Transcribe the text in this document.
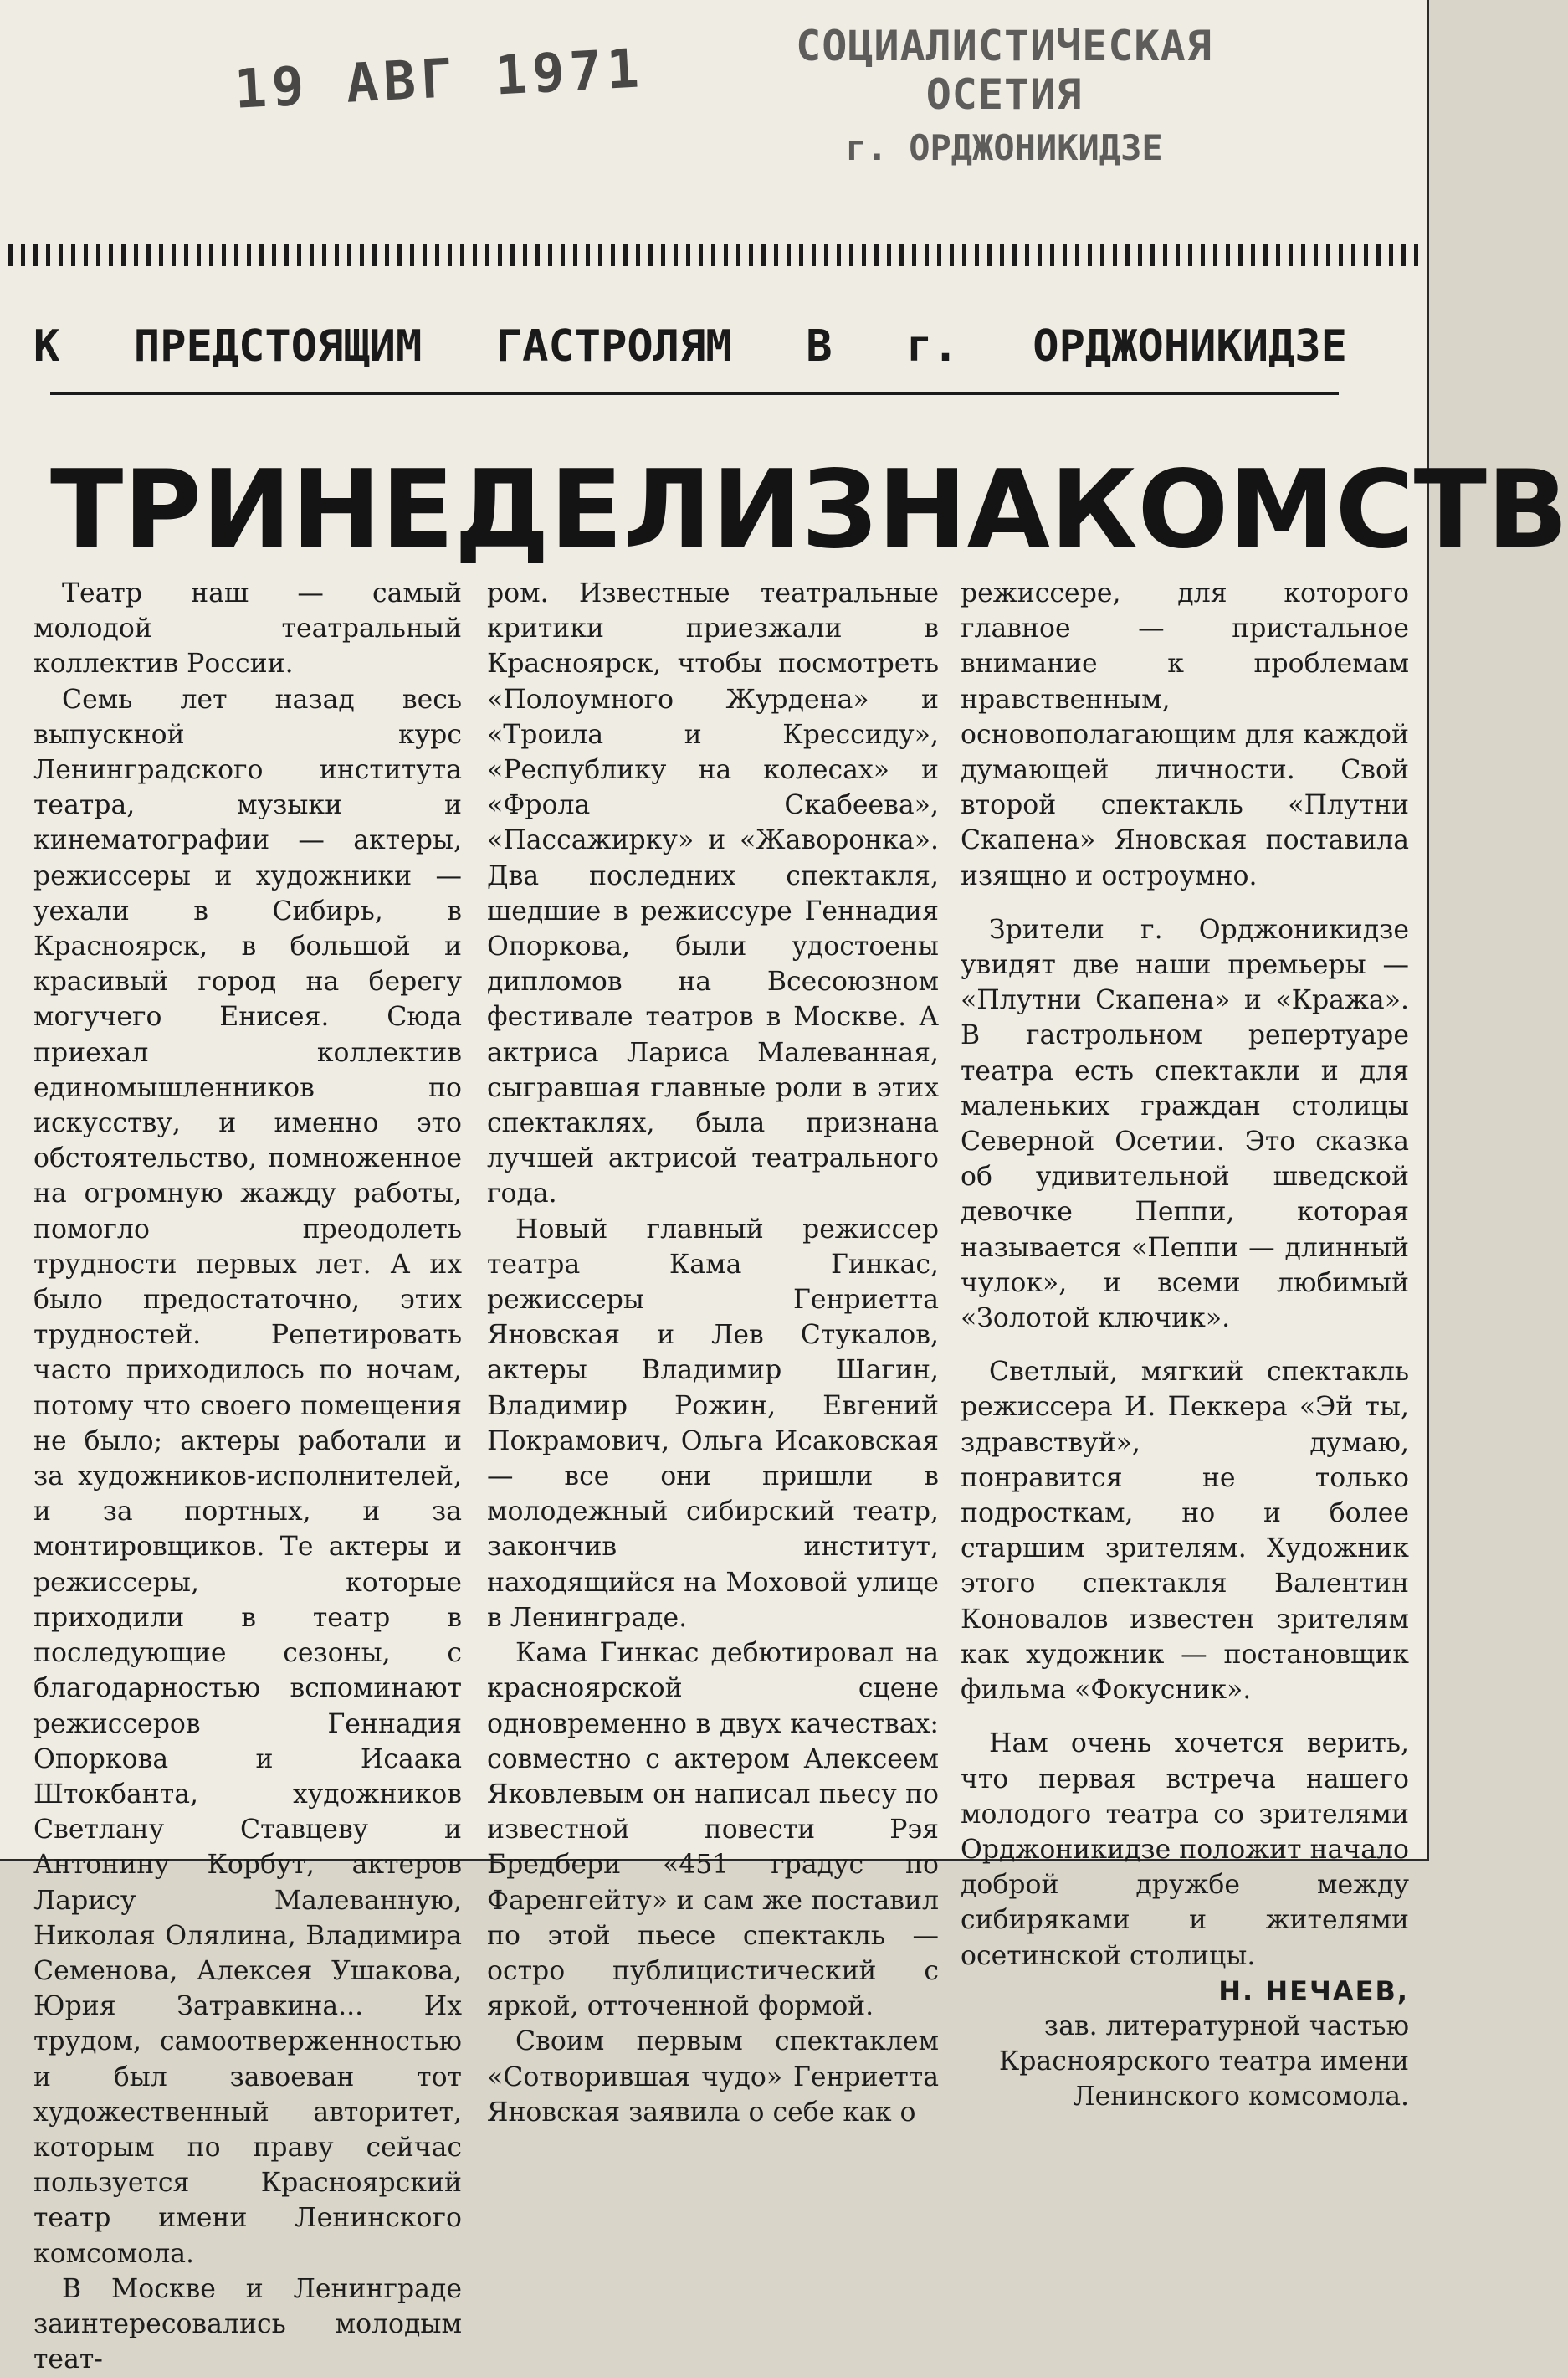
19 АВГ 1971	СОЦИАЛИСТИЧЕСКАЯ ОСЕТИЯ
г. ОРДЖОНИКИДЗЕ
К ПРЕДСТОЯЩИМ ГАСТРОЛЯМ В г. ОРДЖОНИКИДЗЕ
ТРИ НЕДЕЛИ ЗНАКОМСТВ

Театр наш — самый молодой театральный коллектив России.

Семь лет назад весь выпускной курс Ленинградского института театра, музыки и кинематографии — актеры, режиссеры и художники — уехали в Сибирь, в Красноярск, в большой и красивый город на берегу могучего Енисея. Сюда приехал коллектив единомышленников по искусству, и именно это обстоятельство, помноженное на огромную жажду работы, помогло преодолеть трудности первых лет. А их было предостаточно, этих трудностей. Репетировать часто приходилось по ночам, потому что своего помещения не было; актеры работали и за художников-исполнителей, и за портных, и за монтировщиков. Те актеры и режиссеры, которые приходили в театр в последующие сезоны, с благодарностью вспоминают режиссеров Геннадия Опоркова и Исаака Штокбанта, художников Светлану Ставцеву и Антонину Корбут, актеров Ларису Малеванную, Николая Олялина, Владимира Семенова, Алексея Ушакова, Юрия Затравкина... Их трудом, самоотверженностью и был завоеван тот художественный авторитет, которым по праву сейчас пользуется Красноярский театр имени Ленинского комсомола.

В Москве и Ленинграде заинтересовались молодым теат-

ром. Известные театральные критики приезжали в Красноярск, чтобы посмотреть «Полоумного Журдена» и «Троила и Крессиду», «Республику на колесах» и «Фрола Скабеева», «Пассажирку» и «Жаворонка». Два последних спектакля, шедшие в режиссуре Геннадия Опоркова, были удостоены дипломов на Всесоюзном фестивале театров в Москве. А актриса Лариса Малеванная, сыгравшая главные роли в этих спектаклях, была признана лучшей актрисой театрального года.

Новый главный режиссер театра Кама Гинкас, режиссеры Генриетта Яновская и Лев Стукалов, актеры Владимир Шагин, Владимир Рожин, Евгений Покрамович, Ольга Исаковская — все они пришли в молодежный сибирский театр, закончив институт, находящийся на Моховой улице в Ленинграде.

Кама Гинкас дебютировал на красноярской сцене одновременно в двух качествах: совместно с актером Алексеем Яковлевым он написал пьесу по известной повести Рэя Бредбери «451 градус по Фаренгейту» и сам же поставил по этой пьесе спектакль — остро публицистический с яркой, отточенной формой.

Своим первым спектаклем «Сотворившая чудо» Генриетта Яновская заявила о себе как о

режиссере, для которого главное — пристальное внимание к проблемам нравственным, основополагающим для каждой думающей личности. Свой второй спектакль «Плутни Скапена» Яновская поставила изящно и остроумно.

Зрители г. Орджоникидзе увидят две наши премьеры — «Плутни Скапена» и «Кража». В гастрольном репертуаре театра есть спектакли и для маленьких граждан столицы Северной Осетии. Это сказка об удивительной шведской девочке Пеппи, которая называется «Пеппи — длинный чулок», и всеми любимый «Золотой ключик».

Светлый, мягкий спектакль режиссера И. Пеккера «Эй ты, здравствуй», думаю, понравится не только подросткам, но и более старшим зрителям. Художник этого спектакля Валентин Коновалов известен зрителям как художник — постановщик фильма «Фокусник».

Нам очень хочется верить, что первая встреча нашего молодого театра со зрителями Орджоникидзе положит начало доброй дружбе между сибиряками и жителями осетинской столицы.

Н. НЕЧАЕВ,

зав. литературной частью Красноярского театра имени Ленинского комсомола.
